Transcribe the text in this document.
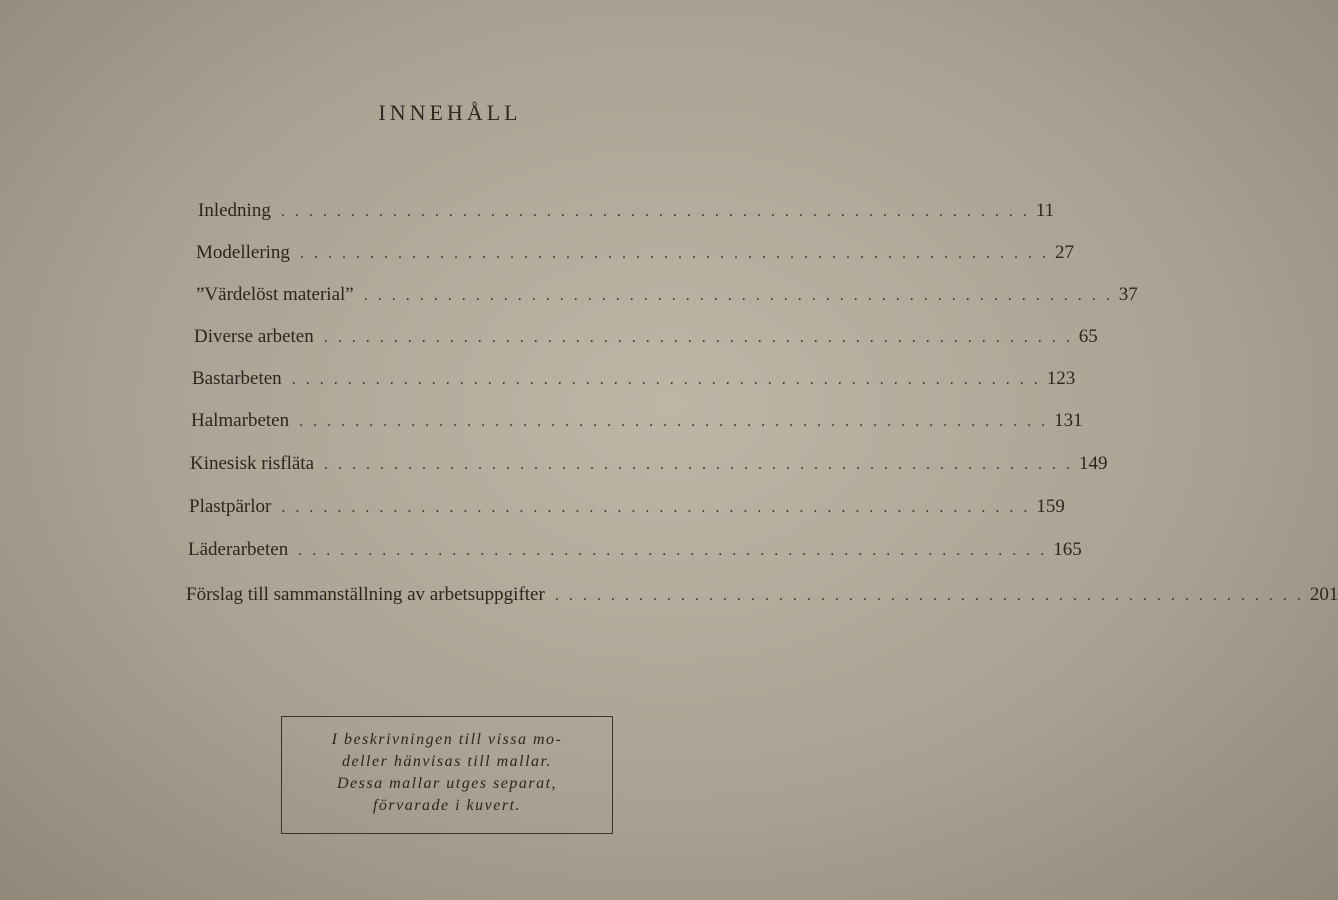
INNEHÅLL
Inledning . . . . . . . . . . . . . . . . . . . . . . . . . . . . . . . . . . . . . . . . . . . . . . . . . . . . . . 11
Modellering . . . . . . . . . . . . . . . . . . . . . . . . . . . . . . . . . . . . . . . . . . . . . . . . . . . . . . 27
”Värdelöst material” . . . . . . . . . . . . . . . . . . . . . . . . . . . . . . . . . . . . . . . . . . . . . . . . . . . . . . 37
Diverse arbeten . . . . . . . . . . . . . . . . . . . . . . . . . . . . . . . . . . . . . . . . . . . . . . . . . . . . . . 65
Bastarbeten . . . . . . . . . . . . . . . . . . . . . . . . . . . . . . . . . . . . . . . . . . . . . . . . . . . . . . 123
Halmarbeten . . . . . . . . . . . . . . . . . . . . . . . . . . . . . . . . . . . . . . . . . . . . . . . . . . . . . . 131
Kinesisk risfläta . . . . . . . . . . . . . . . . . . . . . . . . . . . . . . . . . . . . . . . . . . . . . . . . . . . . . . 149
Plastpärlor . . . . . . . . . . . . . . . . . . . . . . . . . . . . . . . . . . . . . . . . . . . . . . . . . . . . . . 159
Läderarbeten . . . . . . . . . . . . . . . . . . . . . . . . . . . . . . . . . . . . . . . . . . . . . . . . . . . . . . 165
Förslag till sammanställning av arbetsuppgifter . . . . . . . . . . . . . . . . . . . . . . . . . . . . . . . . . . . . . . . . . . . . . . . . . . . . . . 201
I beskrivningen till vissa mo-
deller hänvisas till mallar.
Dessa mallar utges separat,
förvarade i kuvert.
